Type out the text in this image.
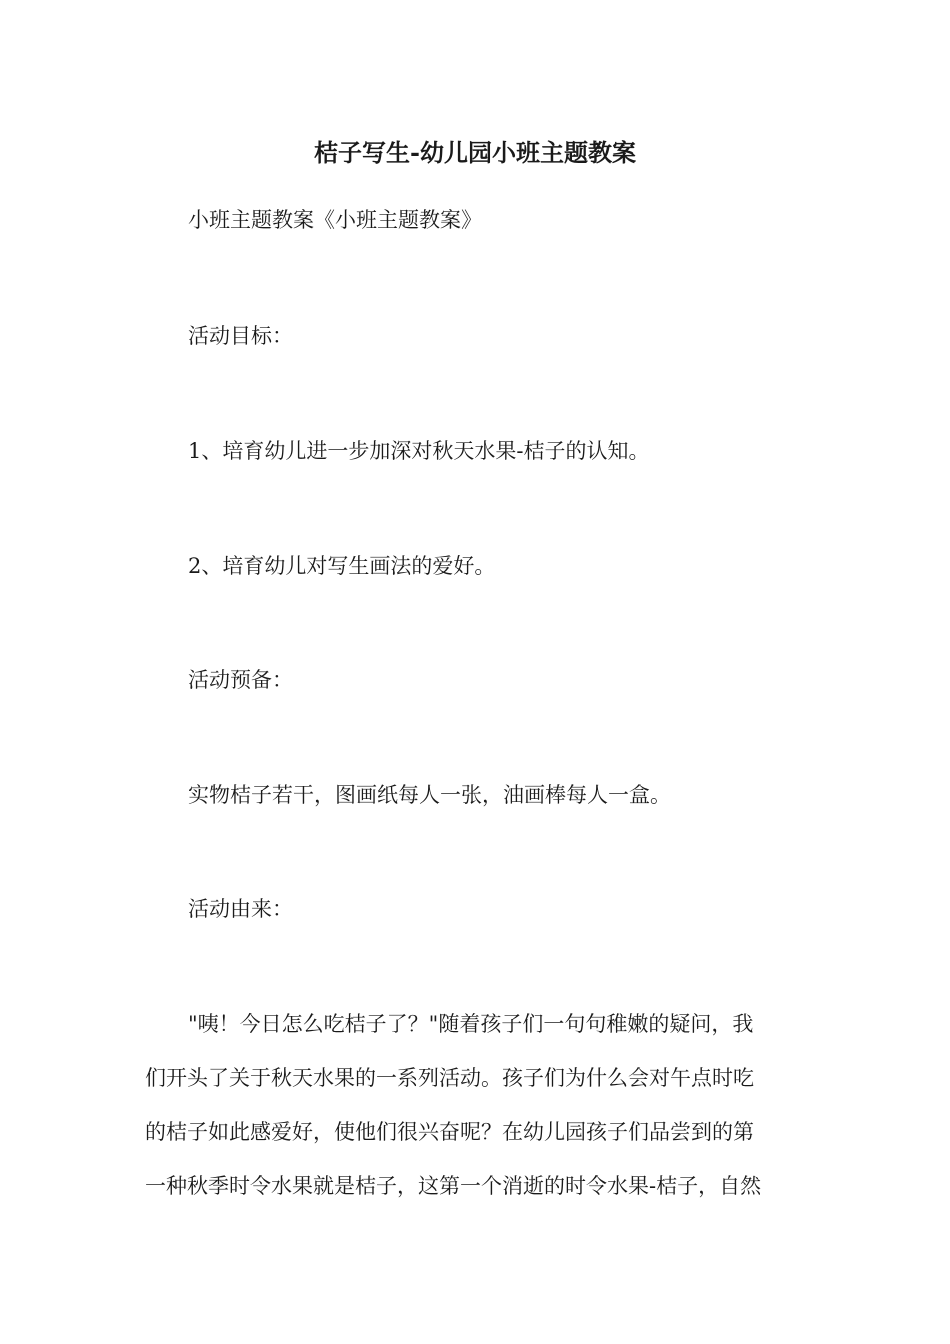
桔子写生-幼儿园小班主题教案

小班主题教案《小班主题教案》

活动目标：

1、培育幼儿进一步加深对秋天水果-桔子的认知。

2、培育幼儿对写生画法的爱好。

活动预备：

实物桔子若干，图画纸每人一张，油画棒每人一盒。

活动由来：

"咦！今日怎么吃桔子了？"随着孩子们一句句稚嫩的疑问，我
们开头了关于秋天水果的一系列活动。孩子们为什么会对午点时吃
的桔子如此感爱好，使他们很兴奋呢？在幼儿园孩子们品尝到的第
一种秋季时令水果就是桔子，这第一个消逝的时令水果-桔子，自然
